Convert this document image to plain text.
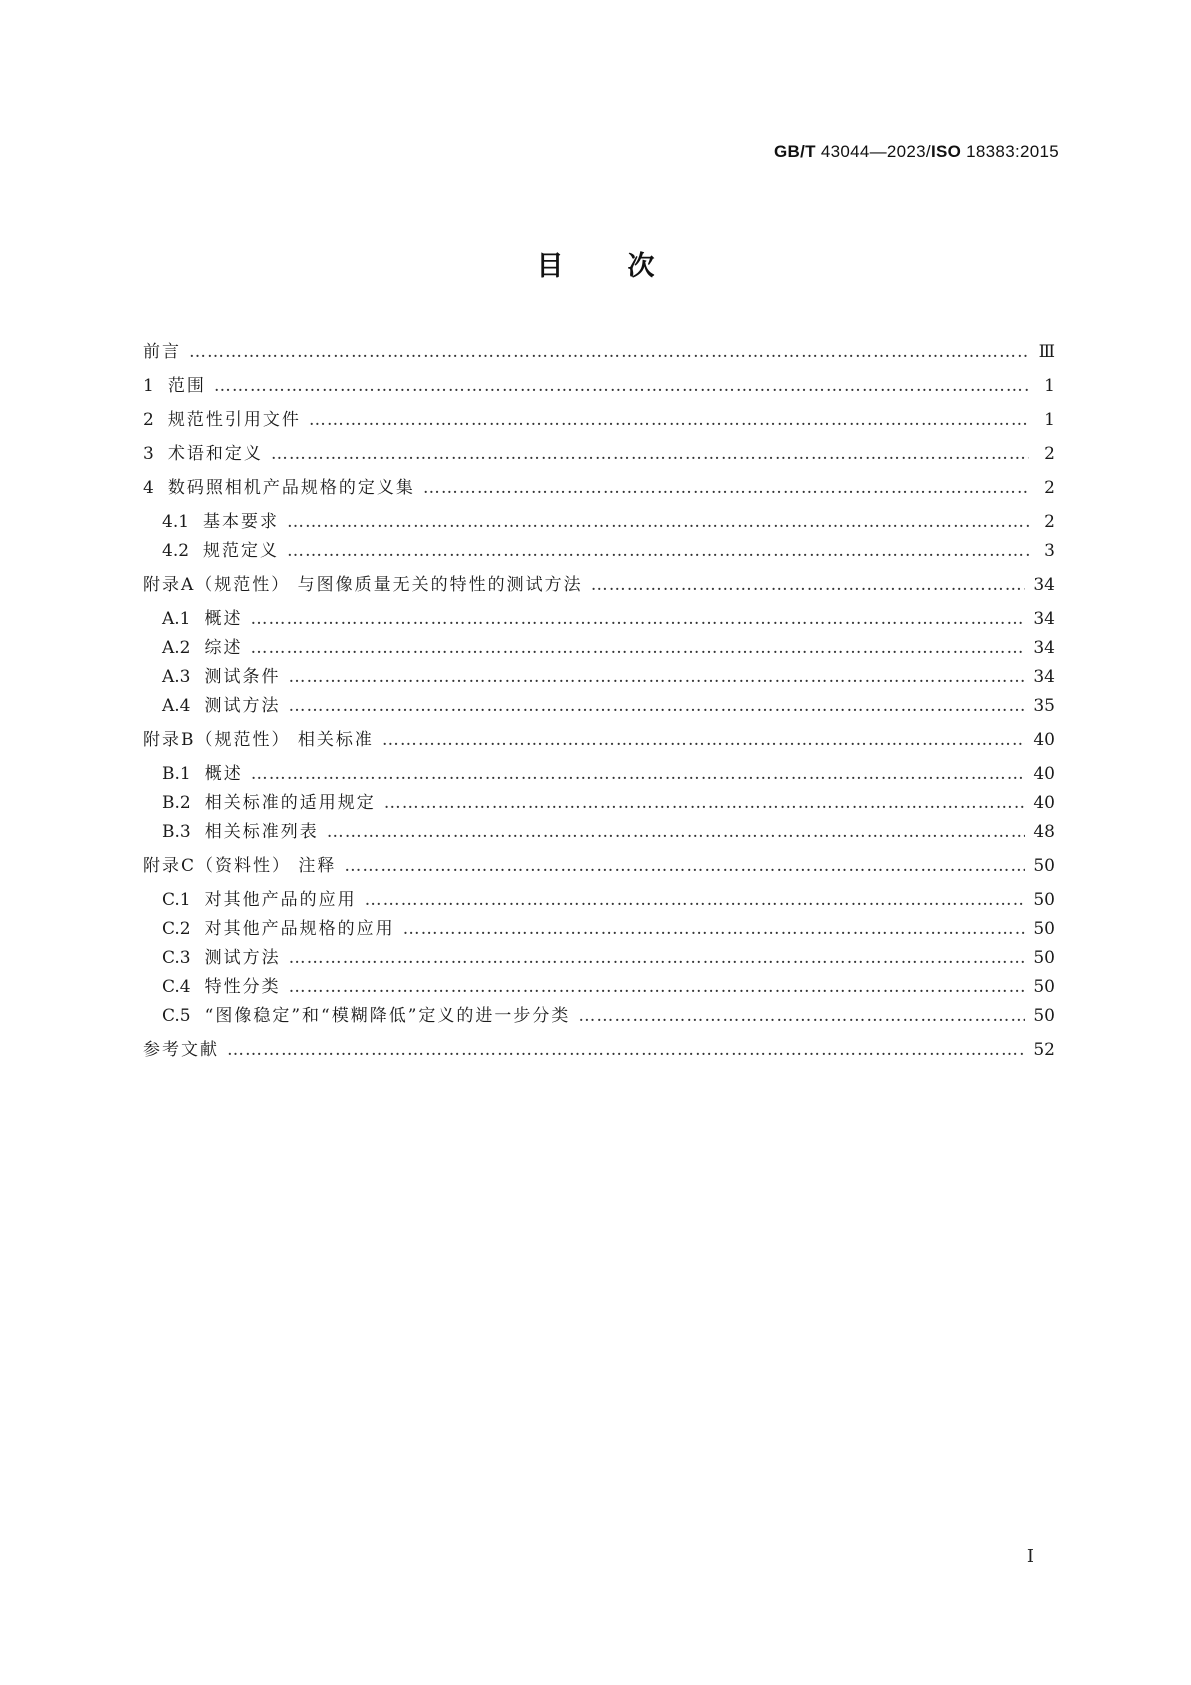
GB/T 43044—2023/ISO 18383:2015
目次
前言 ……………………………………………………………………………………………………………………………………………………………………………………………………	Ⅲ
1 范围 ……………………………………………………………………………………………………………………………………………………………………………………………………	1
2 规范性引用文件 ……………………………………………………………………………………………………………………………………………………………………………………………………	1
3 术语和定义 ……………………………………………………………………………………………………………………………………………………………………………………………………	2
4 数码照相机产品规格的定义集 ……………………………………………………………………………………………………………………………………………………………………………………………………	2
4.1 基本要求 ……………………………………………………………………………………………………………………………………………………………………………………………………	2
4.2 规范定义 ……………………………………………………………………………………………………………………………………………………………………………………………………	3
附录A（规范性） 与图像质量无关的特性的测试方法 ……………………………………………………………………………………………………………………………………………………………………………………………………	34
A.1 概述 ……………………………………………………………………………………………………………………………………………………………………………………………………	34
A.2 综述 ……………………………………………………………………………………………………………………………………………………………………………………………………	34
A.3 测试条件 ……………………………………………………………………………………………………………………………………………………………………………………………………	34
A.4 测试方法 ……………………………………………………………………………………………………………………………………………………………………………………………………	35
附录B（规范性） 相关标准 ……………………………………………………………………………………………………………………………………………………………………………………………………	40
B.1 概述 ……………………………………………………………………………………………………………………………………………………………………………………………………	40
B.2 相关标准的适用规定 ……………………………………………………………………………………………………………………………………………………………………………………………………	40
B.3 相关标准列表 ……………………………………………………………………………………………………………………………………………………………………………………………………	48
附录C（资料性） 注释 ……………………………………………………………………………………………………………………………………………………………………………………………………	50
C.1 对其他产品的应用 ……………………………………………………………………………………………………………………………………………………………………………………………………	50
C.2 对其他产品规格的应用 ……………………………………………………………………………………………………………………………………………………………………………………………………	50
C.3 测试方法 ……………………………………………………………………………………………………………………………………………………………………………………………………	50
C.4 特性分类 ……………………………………………………………………………………………………………………………………………………………………………………………………	50
C.5 “图像稳定”和“模糊降低”定义的进一步分类 ……………………………………………………………………………………………………………………………………………………………………………………………………	50
参考文献 ……………………………………………………………………………………………………………………………………………………………………………………………………	52
I
